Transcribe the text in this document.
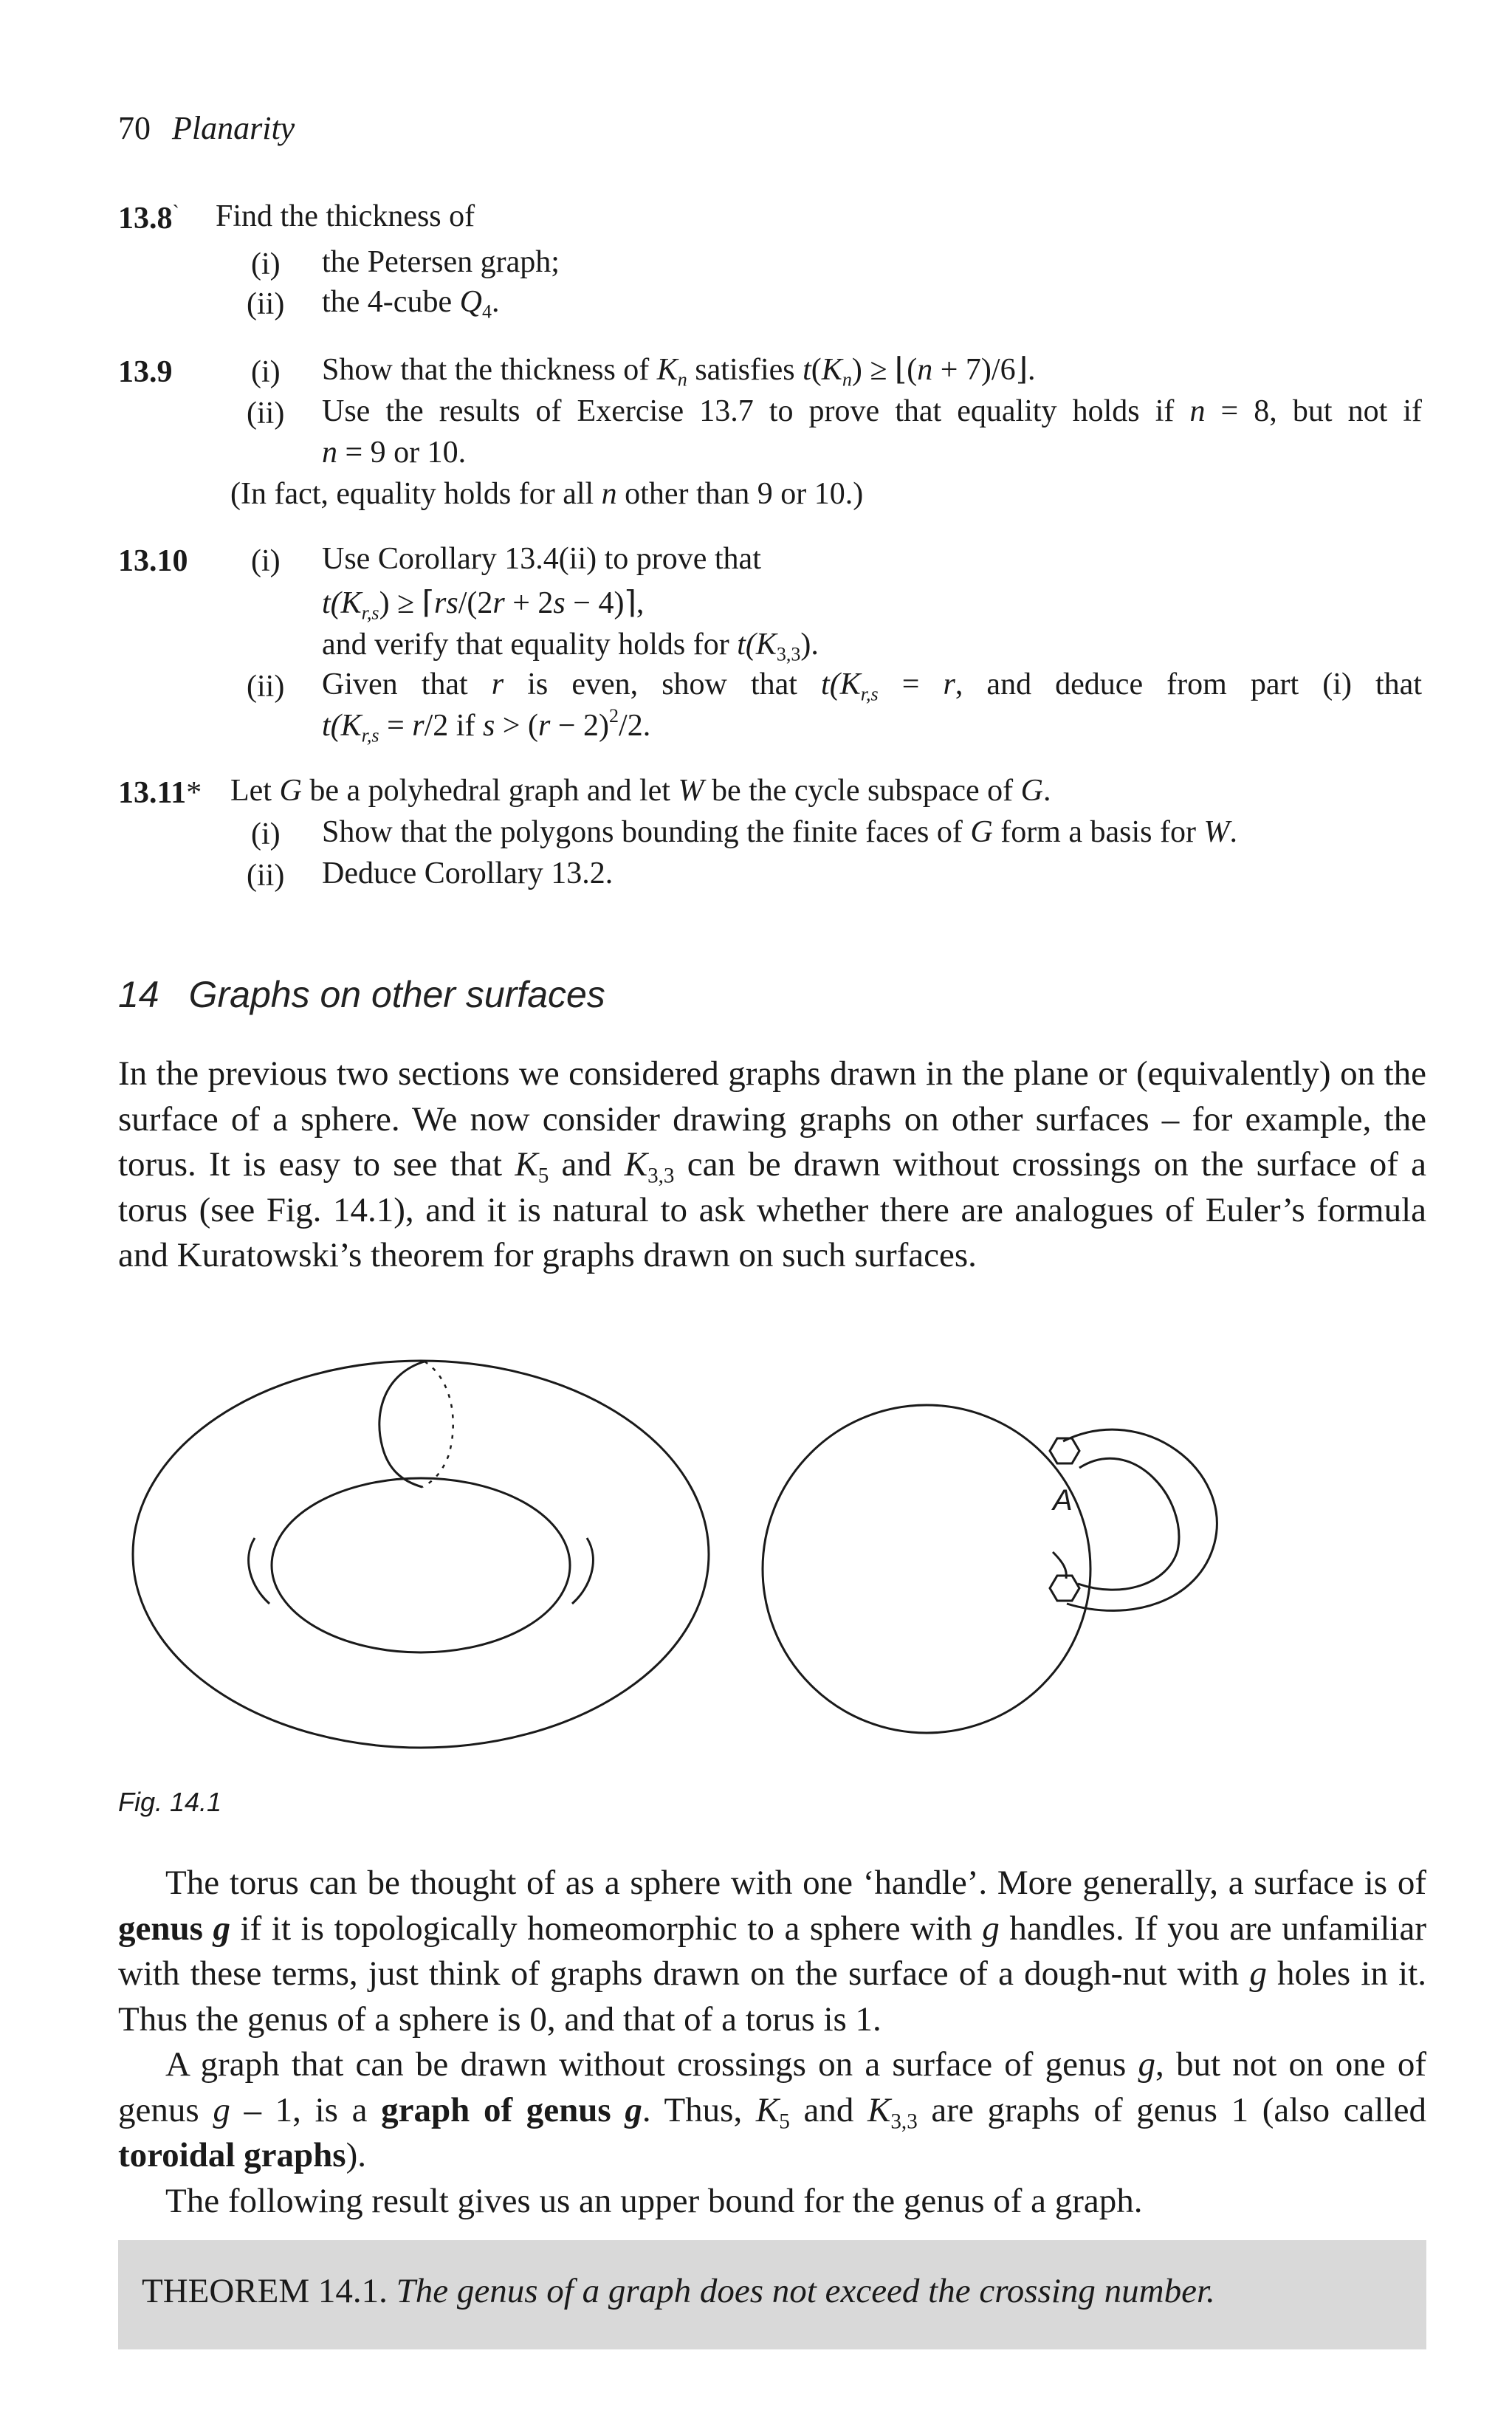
70 Planarity
13.8` Find the thickness of
(i) the Petersen graph;
(ii) the 4-cube $Q_4$.
13.9	(i) Show that the thickness of $K_n$ satisfies $t(K_n)$ ≥ ⌊(n + 7)/6⌋.
(ii) Use the results of Exercise 13.7 to prove that equality holds if n = 8, but not if
n = 9 or 10.
(In fact, equality holds for all n other than 9 or 10.)
13.10 (i) Use Corollary 13.4(ii) to prove that
$t(K_{r,s})$ ≥ ⌈rs/(2r + 2s − 4)⌉,
and verify that equality holds for $t(K_{3,3})$.
(ii) Given that r is even, show that $t(K_{r,s} = r$, and deduce from part (i) that
$t(K_{r,s} = r/2$ if $s > (r - 2)^2/2$.
13.11* Let G be a polyhedral graph and let W be the cycle subspace of G.
(i) Show that the polygons bounding the finite faces of G form a basis for W.
(ii) Deduce Corollary 13.2.
14 Graphs on other surfaces

In the previous two sections we considered graphs drawn in the plane or (equivalently) on the surface of a sphere. We now consider drawing graphs on other surfaces – for example, the torus. It is easy to see that $K_5$ and $K_{3,3}$ can be drawn without crossings on the surface of a torus (see Fig. 14.1), and it is natural to ask whether there are analogues of Euler’s formula and Kuratowski’s theorem for graphs drawn on such surfaces.

A
Fig. 14.1

The torus can be thought of as a sphere with one ‘handle’. More generally, a surface is of genus g if it is topologically homeomorphic to a sphere with g handles. If you are unfamiliar with these terms, just think of graphs drawn on the surface of a dough-nut with g holes in it. Thus the genus of a sphere is 0, and that of a torus is 1.

A graph that can be drawn without crossings on a surface of genus g, but not on one of genus g – 1, is a graph of genus g. Thus, $K_5$ and $K_{3,3}$ are graphs of genus 1 (also called toroidal graphs).

The following result gives us an upper bound for the genus of a graph.

THEOREM 14.1. The genus of a graph does not exceed the crossing number.
